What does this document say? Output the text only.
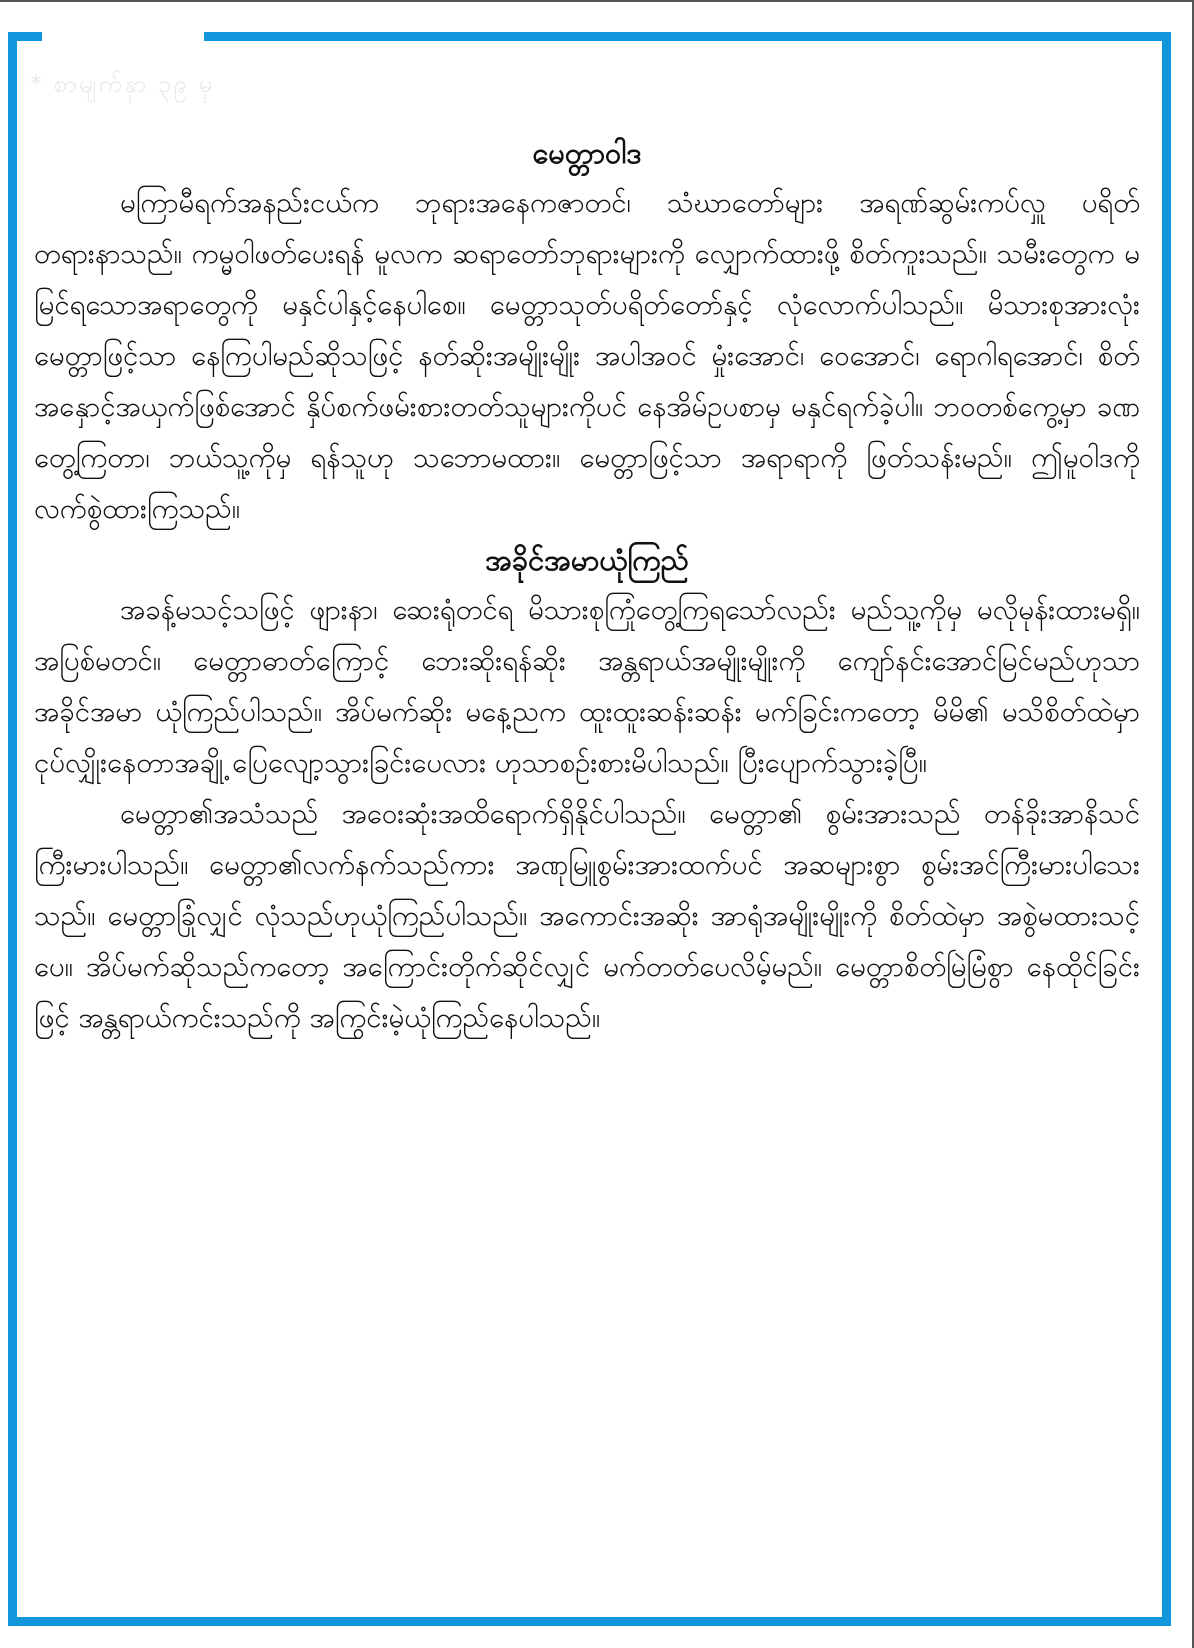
* စာမျက်နှာ ၃၉ မှ
မေတ္တာဝါဒ

မကြာမီရက်အနည်းငယ်က ဘုရားအနေကဇာတင်၊ သံဃာတော်များ အရဏ်ဆွမ်းကပ်လှူ ပရိတ်တရားနာသည်။ ကမ္မဝါဖတ်ပေးရန် မူလက ဆရာတော်ဘုရားများကို လျှောက်ထားဖို့ စိတ်ကူးသည်။ သမီးတွေက မမြင်ရသောအရာတွေကို မနှင်ပါနှင့်နေပါစေ။ မေတ္တာသုတ်ပရိတ်တော်နှင့် လုံလောက်ပါသည်။ မိသားစုအားလုံး မေတ္တာဖြင့်သာ နေကြပါမည်ဆိုသဖြင့် နတ်ဆိုးအမျိုးမျိုး အပါအဝင် မှုံးအောင်၊ ဝေအောင်၊ ရောဂါရအောင်၊ စိတ်အနှောင့်အယှက်ဖြစ်အောင် နှိပ်စက်ဖမ်းစားတတ်သူများကိုပင် နေအိမ်ဥပစာမှ မနှင်ရက်ခဲ့ပါ။ ဘဝတစ်ကွေ့မှာ ခဏတွေ့ကြတာ၊ ဘယ်သူ့ကိုမှ ရန်သူဟု သဘောမထား။ မေတ္တာဖြင့်သာ အရာရာကို ဖြတ်သန်းမည်။ ဤမူဝါဒကို လက်စွဲထားကြသည်။

အခိုင်အမာယုံကြည်

အခန့်မသင့်သဖြင့် ဖျားနာ၊ ဆေးရုံတင်ရ မိသားစုကြုံတွေ့ကြရသော်လည်း မည်သူ့ကိုမှ မလိုမုန်းထားမရှိ။ အပြစ်မတင်။ မေတ္တာဓာတ်ကြောင့် ဘေးဆိုးရန်ဆိုး အန္တရာယ်အမျိုးမျိုးကို ကျော်နင်းအောင်မြင်မည်ဟုသာ အခိုင်အမာ ယုံကြည်ပါသည်။ အိပ်မက်ဆိုး မနေ့ညက ထူးထူးဆန်းဆန်း မက်ခြင်းကတော့ မိမိ၏ မသိစိတ်ထဲမှာ ငုပ်လျှိုးနေတာအချို့ ပြေလျော့သွားခြင်းပေလား ဟုသာစဉ်းစားမိပါသည်။ ပြီးပျောက်သွားခဲ့ပြီ။

မေတ္တာ၏အသံသည် အဝေးဆုံးအထိရောက်ရှိနိုင်ပါသည်။ မေတ္တာ၏ စွမ်းအားသည် တန်ခိုးအာနိသင် ကြီးမားပါသည်။ မေတ္တာ၏လက်နက်သည်ကား အဏုမြူစွမ်းအားထက်ပင် အဆများစွာ စွမ်းအင်ကြီးမားပါသေးသည်။ မေတ္တာခြုံလျှင် လုံသည်ဟုယုံကြည်ပါသည်။ အကောင်းအဆိုး အာရုံအမျိုးမျိုးကို စိတ်ထဲမှာ အစွဲမထားသင့်ပေ။ အိပ်မက်ဆိုသည်ကတော့ အကြောင်းတိုက်ဆိုင်လျှင် မက်တတ်ပေလိမ့်မည်။ မေတ္တာစိတ်မြဲမြံစွာ နေထိုင်ခြင်းဖြင့် အန္တရာယ်ကင်းသည်ကို အကြွင်းမဲ့ယုံကြည်နေပါသည်။
